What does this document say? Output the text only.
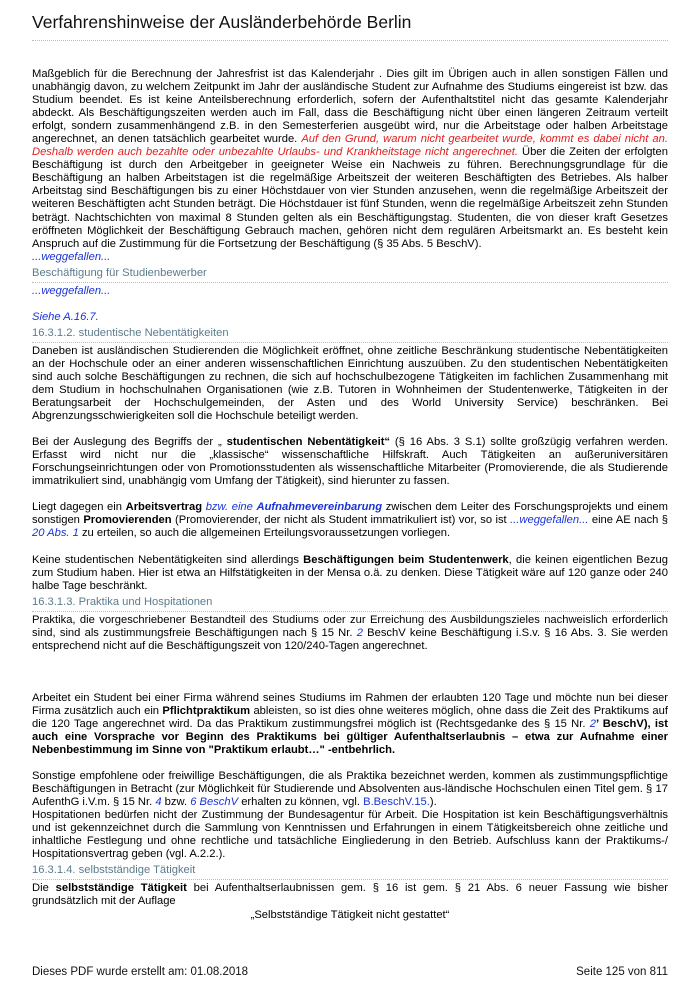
Verfahrenshinweise der Ausländerbehörde Berlin

Maßgeblich für die Berechnung der Jahresfrist ist das Kalenderjahr . Dies gilt im Übrigen auch in allen sonstigen Fällen und unabhängig davon, zu welchem Zeitpunkt im Jahr der ausländische Student zur Aufnahme des Studiums eingereist ist bzw. das Studium beendet. Es ist keine Anteilsberechnung erforderlich, sofern der Aufenthaltstitel nicht das gesamte Kalenderjahr abdeckt. Als Beschäftigungszeiten werden auch im Fall, dass die Beschäftigung nicht über einen längeren Zeitraum verteilt erfolgt, sondern zusammenhängend z.B. in den Semesterferien ausgeübt wird, nur die Arbeitstage oder halben Arbeitstage angerechnet, an denen tatsächlich gearbeitet wurde. Auf den Grund, warum nicht gearbeitet wurde, kommt es dabei nicht an. Deshalb werden auch bezahlte oder unbezahlte Urlaubs- und Krankheitstage nicht angerechnet. Über die Zeiten der erfolgten Beschäftigung ist durch den Arbeitgeber in geeigneter Weise ein Nachweis zu führen. Berechnungsgrundlage für die Beschäftigung an halben Arbeitstagen ist die regelmäßige Arbeitszeit der weiteren Beschäftigten des Betriebes. Als halber Arbeitstag sind Beschäftigungen bis zu einer Höchstdauer von vier Stunden anzusehen, wenn die regelmäßige Arbeitszeit der weiteren Beschäftigten acht Stunden beträgt. Die Höchstdauer ist fünf Stunden, wenn die regelmäßige Arbeitszeit zehn Stunden beträgt. Nachtschichten von maximal 8 Stunden gelten als ein Beschäftigungstag. Studenten, die von dieser kraft Gesetzes eröffneten Möglichkeit der Beschäftigung Gebrauch machen, gehören nicht dem regulären Arbeitsmarkt an. Es besteht kein Anspruch auf die Zustimmung für die Fortsetzung der Beschäftigung (§ 35 Abs. 5 BeschV).

...weggefallen...

Beschäftigung für Studienbewerber

...weggefallen...

Siehe A.16.7.

16.3.1.2. studentische Nebentätigkeiten

Daneben ist ausländischen Studierenden die Möglichkeit eröffnet, ohne zeitliche Beschränkung studentische Nebentätigkeiten an der Hochschule oder an einer anderen wissenschaftlichen Einrichtung auszuüben. Zu den studentischen Nebentätigkeiten sind auch solche Beschäftigungen zu rechnen, die sich auf hochschulbezogene Tätigkeiten im fachlichen Zusammenhang mit dem Studium in hochschulnahen Organisationen (wie z.B. Tutoren in Wohnheimen der Studentenwerke, Tätigkeiten in der Beratungsarbeit der Hochschulgemeinden, der Asten und des World University Service) beschränken. Bei Abgrenzungsschwierigkeiten soll die Hochschule beteiligt werden.

Bei der Auslegung des Begriffs der „ studentischen Nebentätigkeit“ (§ 16 Abs. 3 S.1) sollte großzügig verfahren werden. Erfasst wird nicht nur die „klassische“ wissenschaftliche Hilfskraft. Auch Tätigkeiten an außeruniversitären Forschungseinrichtungen oder von Promotionsstudenten als wissenschaftliche Mitarbeiter (Promovierende, die als Studierende immatrikuliert sind, unabhängig vom Umfang der Tätigkeit), sind hierunter zu fassen.

Liegt dagegen ein Arbeitsvertrag bzw. eine Aufnahmevereinbarung zwischen dem Leiter des Forschungsprojekts und einem sonstigen Promovierenden (Promovierender, der nicht als Student immatrikuliert ist) vor, so ist ...weggefallen... eine AE nach § 20 Abs. 1 zu erteilen, so auch die allgemeinen Erteilungsvoraussetzungen vorliegen.

Keine studentischen Nebentätigkeiten sind allerdings Beschäftigungen beim Studentenwerk, die keinen eigentlichen Bezug zum Studium haben. Hier ist etwa an Hilfstätigkeiten in der Mensa o.ä. zu denken. Diese Tätigkeit wäre auf 120 ganze oder 240 halbe Tage beschränkt.

16.3.1.3. Praktika und Hospitationen

Praktika, die vorgeschriebener Bestandteil des Studiums oder zur Erreichung des Ausbildungszieles nachweislich erforderlich sind, sind als zustimmungsfreie Beschäftigungen nach § 15 Nr. 2 BeschV keine Beschäftigung i.S.v. § 16 Abs. 3. Sie werden entsprechend nicht auf die Beschäftigungszeit von 120/240-Tagen angerechnet.

Arbeitet ein Student bei einer Firma während seines Studiums im Rahmen der erlaubten 120 Tage und möchte nun bei dieser Firma zusätzlich auch ein Pflichtpraktikum ableisten, so ist dies ohne weiteres möglich, ohne dass die Zeit des Praktikums auf die 120 Tage angerechnet wird. Da das Praktikum zustimmungsfrei möglich ist (Rechtsgedanke des § 15 Nr. 2’ BeschV), ist auch eine Vorsprache vor Beginn des Praktikums bei gültiger Aufenthaltserlaubnis – etwa zur Aufnahme einer Nebenbestimmung im Sinne von "Praktikum erlaubt…" -entbehrlich.

Sonstige empfohlene oder freiwillige Beschäftigungen, die als Praktika bezeichnet werden, kommen als zustimmungspflichtige Beschäftigungen in Betracht (zur Möglichkeit für Studierende und Absolventen aus-ländische Hochschulen einen Titel gem. § 17 AufenthG i.V.m. § 15 Nr. 4 bzw. 6 BeschV erhalten zu können, vgl. B.BeschV.15.).

Hospitationen bedürfen nicht der Zustimmung der Bundesagentur für Arbeit. Die Hospitation ist kein Beschäftigungsverhältnis und ist gekennzeichnet durch die Sammlung von Kenntnissen und Erfahrungen in einem Tätigkeitsbereich ohne zeitliche und inhaltliche Festlegung und ohne rechtliche und tatsächliche Eingliederung in den Betrieb. Aufschluss kann der Praktikums-/ Hospitationsvertrag geben (vgl. A.2.2.).

16.3.1.4. selbstständige Tätigkeit

Die selbstständige Tätigkeit bei Aufenthaltserlaubnissen gem. § 16 ist gem. § 21 Abs. 6 neuer Fassung wie bisher grundsätzlich mit der Auflage

„Selbstständige Tätigkeit nicht gestattet“

Dieses PDF wurde erstellt am: 01.08.2018	Seite 125 von 811
